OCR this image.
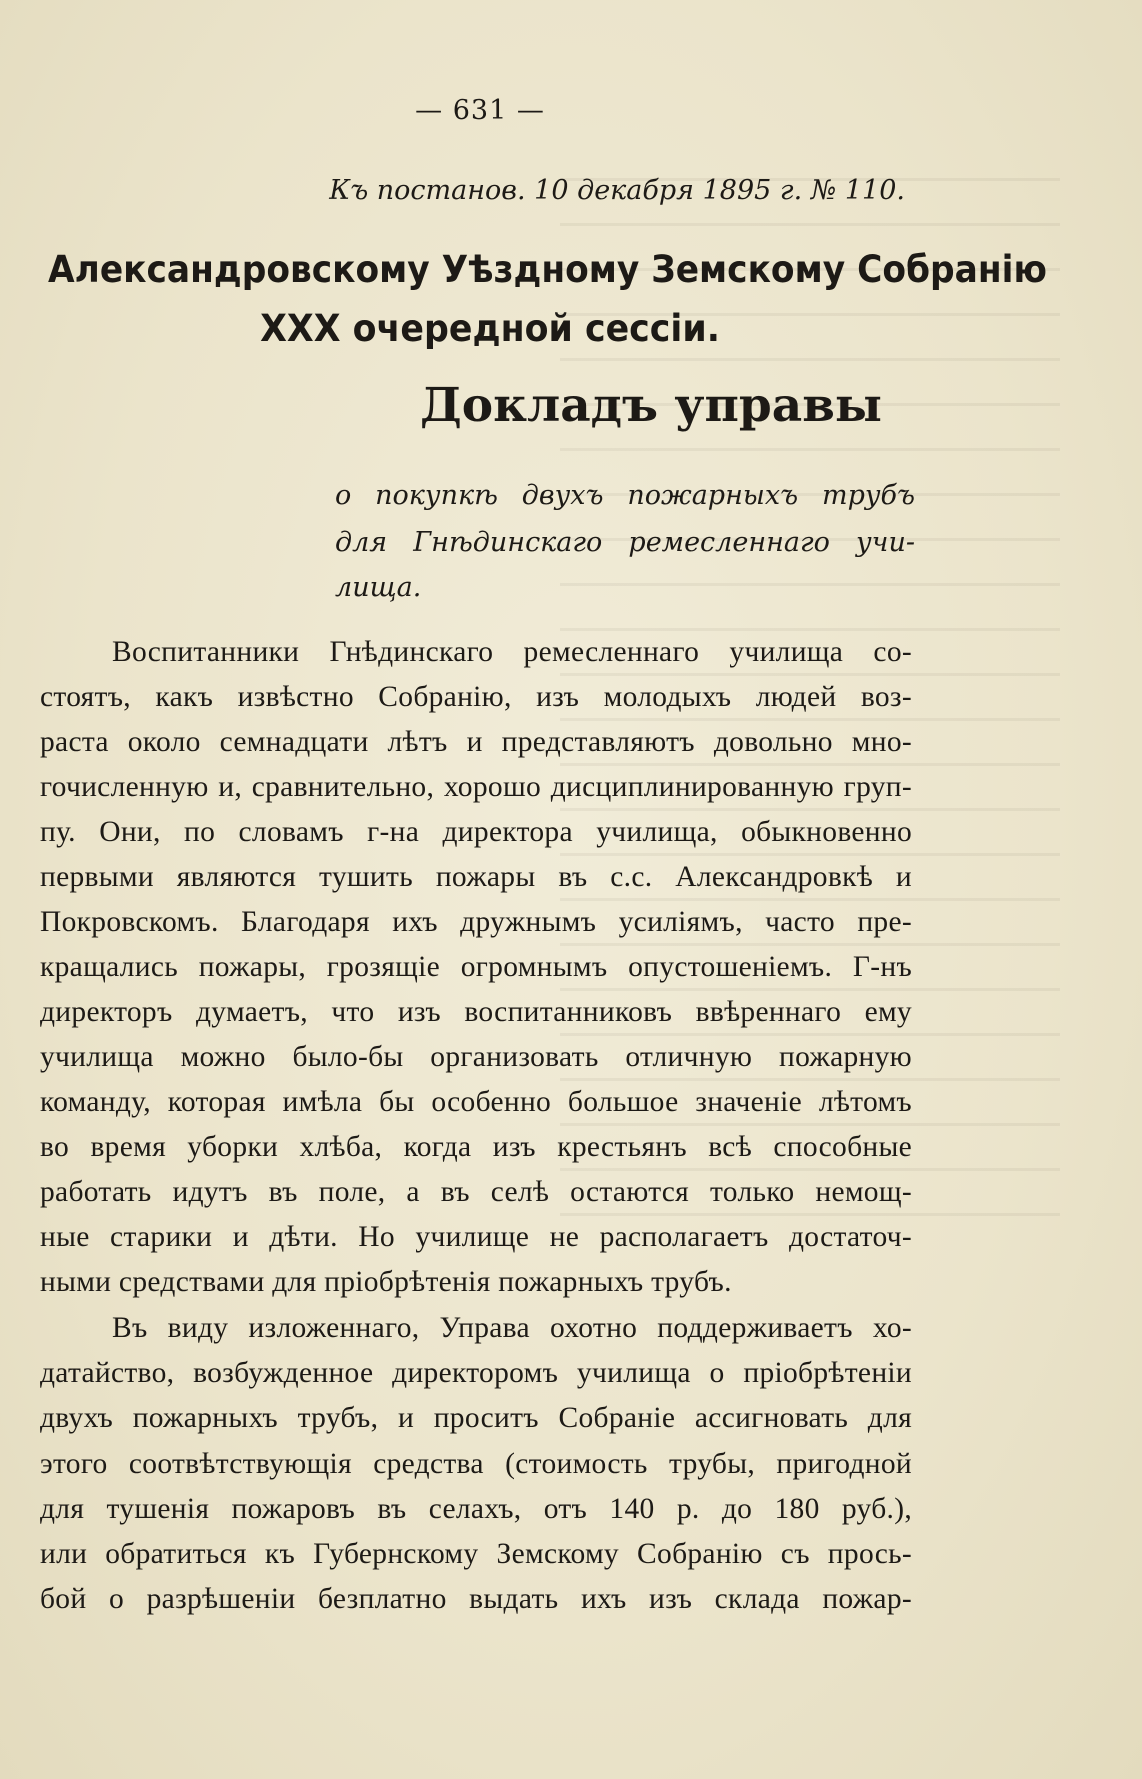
— 631 —
Къ постанов. 10 декабря 1895 г. № 110.
Александровскому Уѣздному Земскому Собранію
XXX очередной сессіи.
Докладъ управы
о покупкѣ двухъ пожарныхъ трубъ
для Гнѣдинскаго ремесленнаго учи-
лища.
Воспитанники Гнѣдинскаго ремесленнаго училища со-
стоятъ, какъ извѣстно Собранію, изъ молодыхъ людей воз-
раста около семнадцати лѣтъ и представляютъ довольно мно-
гочисленную и, сравнительно, хорошо дисциплинированную груп-
пу. Они, по словамъ г-на директора училища, обыкновенно
первыми являются тушить пожары въ с.с. Александровкѣ и
Покровскомъ. Благодаря ихъ дружнымъ усиліямъ, часто пре-
кращались пожары, грозящіе огромнымъ опустошеніемъ. Г-нъ
директоръ думаетъ, что изъ воспитанниковъ ввѣреннаго ему
училища можно было-бы организовать отличную пожарную
команду, которая имѣла бы особенно большое значеніе лѣтомъ
во время уборки хлѣба, когда изъ крестьянъ всѣ способные
работать идутъ въ поле, а въ селѣ остаются только немощ-
ные старики и дѣти. Но училище не располагаетъ достаточ-
ными средствами для пріобрѣтенія пожарныхъ трубъ.
Въ виду изложеннаго, Управа охотно поддерживаетъ хо-
датайство, возбужденное директоромъ училища о пріобрѣтеніи
двухъ пожарныхъ трубъ, и проситъ Собраніе ассигновать для
этого соотвѣтствующія средства (стоимость трубы, пригодной
для тушенія пожаровъ въ селахъ, отъ 140 р. до 180 руб.),
или обратиться къ Губернскому Земскому Собранію съ прось-
бой о разрѣшеніи безплатно выдать ихъ изъ склада пожар-
